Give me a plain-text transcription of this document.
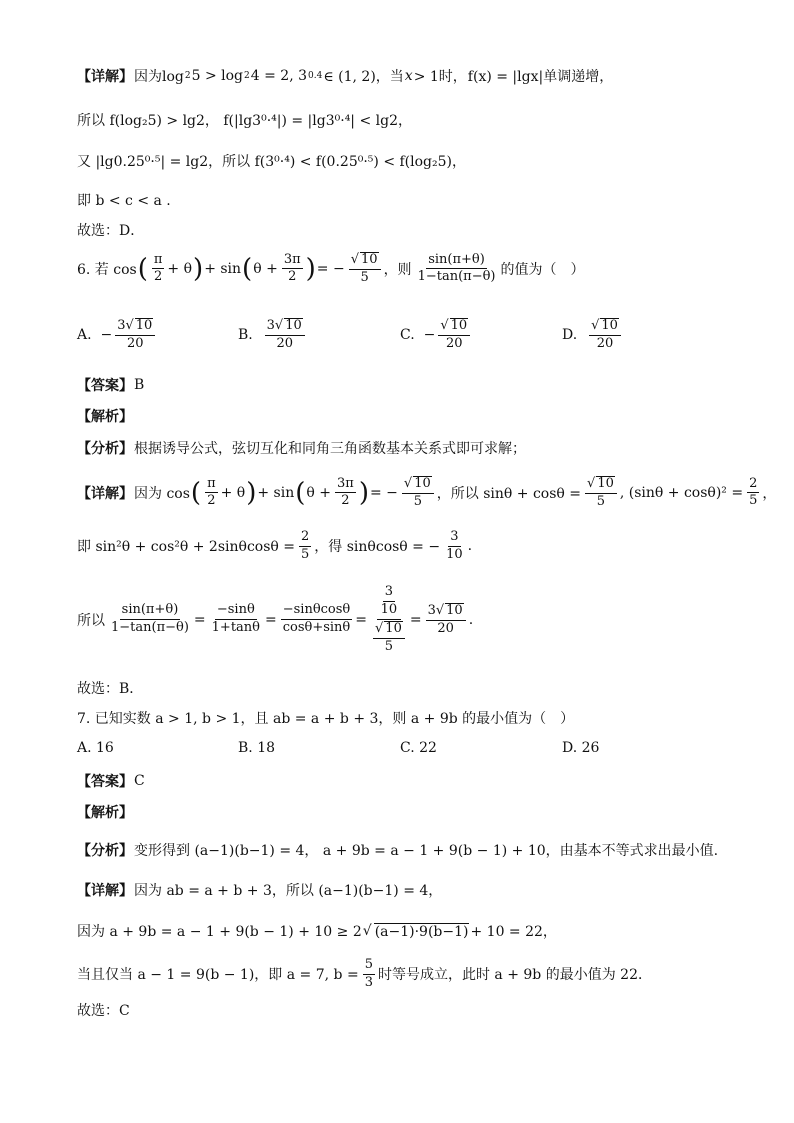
【详解】 因为log 2 5 > log 2 4 = 2, 3 0.4 ∈ (1, 2)，当 x > 1时， f(x) = |lgx|单调递增，
所以 f(log₂5) > lg2， f(|lg3⁰·⁴|) = |lg3⁰·⁴| < lg2，
又 |lg0.25⁰·⁵| = lg2，所以 f(3⁰·⁴) < f(0.25⁰·⁵) < f(log₂5)，
即 b < c < a .
故选：D．
6. 若 cos ( $\frac{\pi}{2} + \theta$ ) + sin ( $\theta + \frac{3\pi}{2}$ ) = − $\frac{√ 10}{5}$ ，则 $\frac{\sin(\pi+\theta)}{1-\tan(\pi-\theta)}$ 的值为（　）
A.
− $\frac{3√ 10}{20}$	B.
$\frac{3√ 10}{20}$	C.
− $\frac{√ 10}{20}$	D.
$\frac{√ 10}{20}$
【答案】 B
【解析】
【分析】 根据诱导公式，弦切互化和同角三角函数基本关系式即可求解；
【详解】 因为 cos ( $\frac{\pi}{2} + \theta$ ) + sin ( $\theta + \frac{3\pi}{2}$ ) = − $\frac{√ 10}{5}$ ，所以 $\sin\theta + \cos\theta = \frac{√ 10}{5}$ , $(\sin\theta + \cos\theta)^2 = \frac{2}{5}$ ，
即 $\sin^2\theta + \cos^2\theta + 2\sin\theta\cos\theta = \frac{2}{5}$ ，得 sinθcosθ = − $\frac{3}{10}$ .
所以 $\frac{\sin(\pi+\theta)}{1-\tan(\pi-\theta)} = \frac{-\sin\theta}{1+\tan\theta} = \frac{-\sin\theta\cos\theta}{\cos\theta+\sin\theta} = \frac{\frac{3}{10}}{\frac{√ 10}{5}} = \frac{3√ 10}{20}$ .
故选：B．
7. 已知实数 a > 1, b > 1，且 ab = a + b + 3，则 a + 9b 的最小值为（　）
A. 16	B. 18	C. 22	D. 26
【答案】 C
【解析】
【分析】 变形得到 (a−1)(b−1) = 4， a + 9b = a − 1 + 9(b − 1) + 10，由基本不等式求出最小值.
【详解】 因为 ab = a + b + 3，所以 (a−1)(b−1) = 4，
因为 a + 9b = a − 1 + 9(b − 1) + 10 ≥ 2 √ (a−1)·9(b−1) + 10 = 22，
当且仅当 a − 1 = 9(b − 1)，即 a = 7, $b = \frac{5}{3}$ 时等号成立，此时 a + 9b 的最小值为 22．
故选：C
